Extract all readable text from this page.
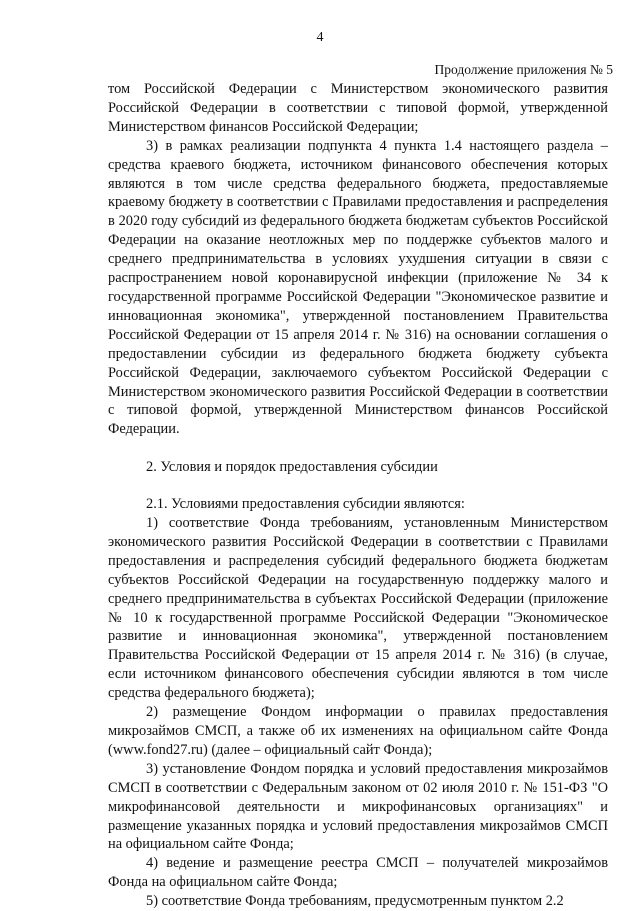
4
Продолжение приложения № 5

том Российской Федерации с Министерством экономического развития Российской Федерации в соответствии с типовой формой, утвержденной Министерством финансов Российской Федерации;

3) в рамках реализации подпункта 4 пункта 1.4 настоящего раздела – средства краевого бюджета, источником финансового обеспечения которых являются в том числе средства федерального бюджета, предоставляемые краевому бюджету в соответствии с Правилами предоставления и распределения в 2020 году субсидий из федерального бюджета бюджетам субъектов Российской Федерации на оказание неотложных мер по поддержке субъектов малого и среднего предпринимательства в условиях ухудшения ситуации в связи с распространением новой коронавирусной инфекции (приложение № 34 к государственной программе Российской Федерации "Экономическое развитие и инновационная экономика", утвержденной постановлением Правительства Российской Федерации от 15 апреля 2014 г. № 316) на основании соглашения о предоставлении субсидии из федерального бюджета бюджету субъекта Российской Федерации, заключаемого субъектом Российской Федерации с Министерством экономического развития Российской Федерации в соответствии с типовой формой, утвержденной Министерством финансов Российской Федерации.

2. Условия и порядок предоставления субсидии

2.1. Условиями предоставления субсидии являются:

1) соответствие Фонда требованиям, установленным Министерством экономического развития Российской Федерации в соответствии с Правилами предоставления и распределения субсидий федерального бюджета бюджетам субъектов Российской Федерации на государственную поддержку малого и среднего предпринимательства в субъектах Российской Федерации (приложение № 10 к государственной программе Российской Федерации "Экономическое развитие и инновационная экономика", утвержденной постановлением Правительства Российской Федерации от 15 апреля 2014 г. № 316) (в случае, если источником финансового обеспечения субсидии являются в том числе средства федерального бюджета);

2) размещение Фондом информации о правилах предоставления микрозаймов СМСП, а также об их изменениях на официальном сайте Фонда (www.fond27.ru) (далее – официальный сайт Фонда);

3) установление Фондом порядка и условий предоставления микрозаймов СМСП в соответствии с Федеральным законом от 02 июля 2010 г. № 151-ФЗ "О микрофинансовой деятельности и микрофинансовых организациях" и размещение указанных порядка и условий предоставления микрозаймов СМСП на официальном сайте Фонда;

4) ведение и размещение реестра СМСП – получателей микрозаймов Фонда на официальном сайте Фонда;

5) соответствие Фонда требованиям, предусмотренным пунктом 2.2
